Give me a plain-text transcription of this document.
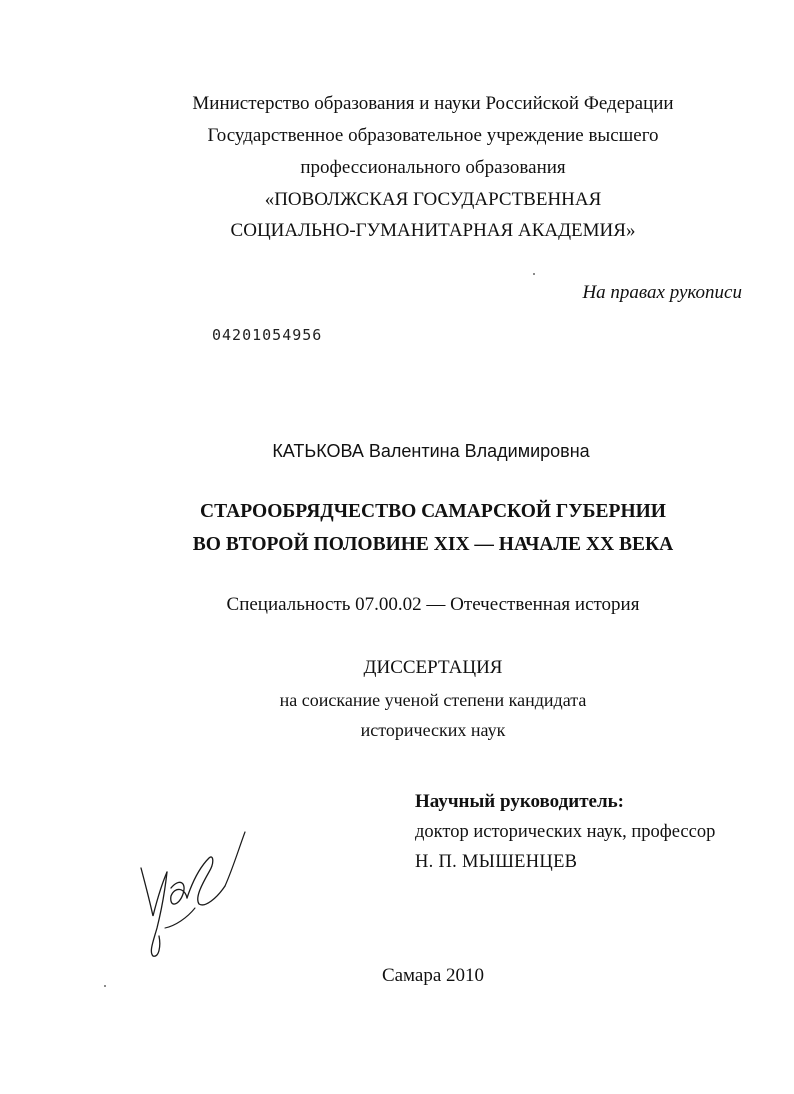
Министерство образования и науки Российской Федерации
Государственное образовательное учреждение высшего
профессионального образования
«ПОВОЛЖСКАЯ ГОСУДАРСТВЕННАЯ
СОЦИАЛЬНО-ГУМАНИТАРНАЯ АКАДЕМИЯ»
На правах рукописи
04201054956
КАТЬКОВА Валентина Владимировна
СТАРООБРЯДЧЕСТВО САМАРСКОЙ ГУБЕРНИИ
ВО ВТОРОЙ ПОЛОВИНЕ XIX — НАЧАЛЕ XX ВЕКА
Специальность 07.00.02 — Отечественная история
ДИССЕРТАЦИЯ
на соискание ученой степени кандидата
исторических наук
Научный руководитель:
доктор исторических наук, профессор
Н. П. МЫШЕНЦЕВ
Самара 2010
